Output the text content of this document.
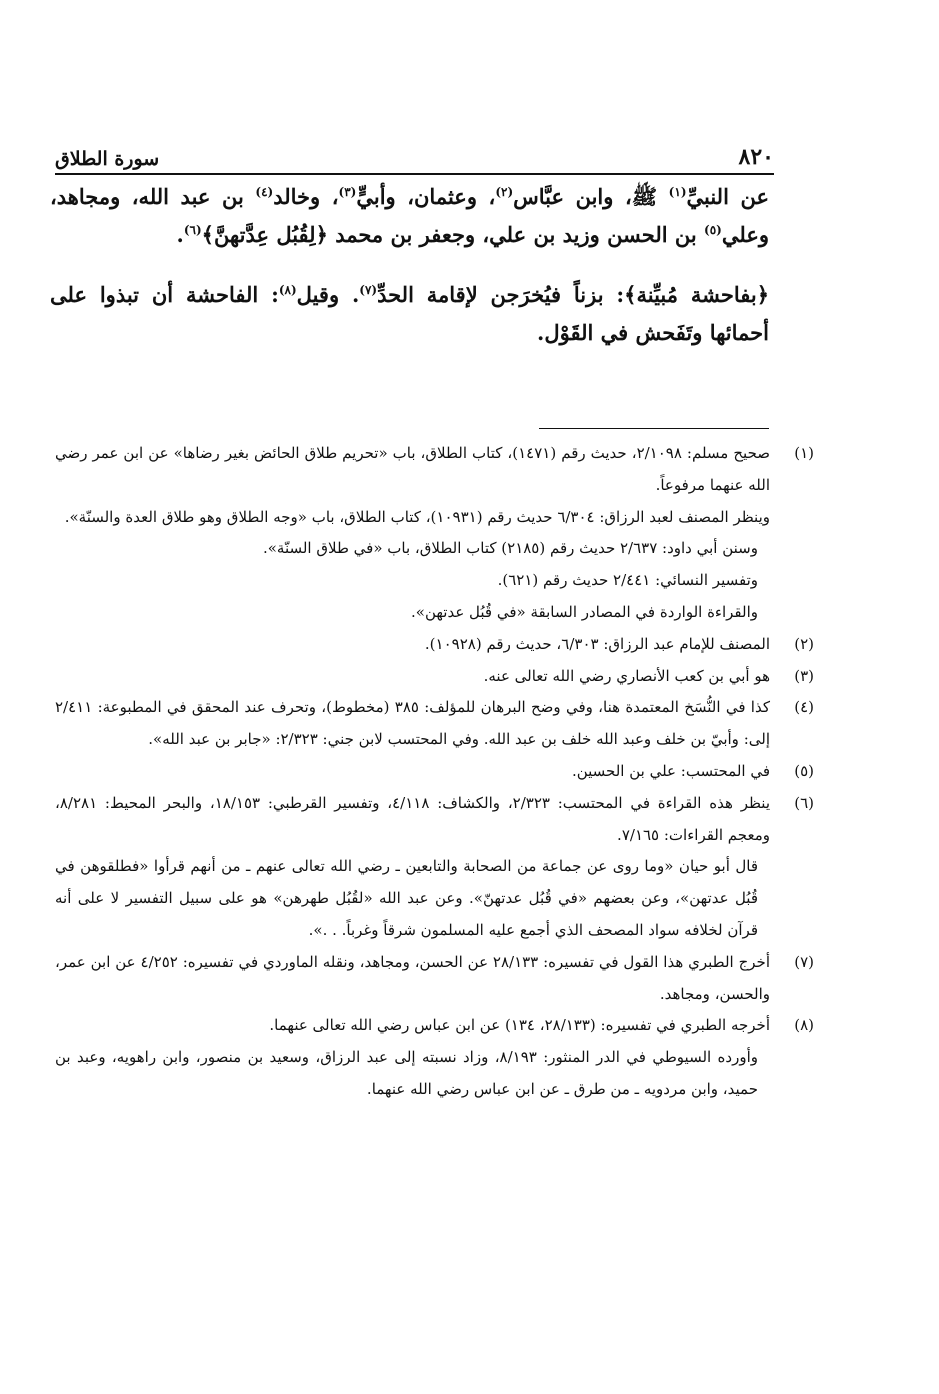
٨٢٠
سورة الطلاق

عن النبيِّ$^{(١)}$ ﷺ، وابن عبَّاس$^{(٢)}$، وعثمان، وأبيٍّ$^{(٣)}$، وخالد$^{(٤)}$ بن عبد الله، ومجاهد، وعلي$^{(٥)}$ بن الحسن وزيد بن علي، وجعفر بن محمد ﴿لِقُبُل عِدَّتهنَّ﴾$^{(٦)}$.

﴿بفاحشة مُبيِّنة﴾: بزناً فيُخرَجن لإقامة الحدِّ$^{(٧)}$. وقيل$^{(٨)}$: الفاحشة أن تبذوا على أحمائها وتَفَحش في القَوْل.

(١)
صحيح مسلم: ٢/١٠٩٨، حديث رقم (١٤٧١)، كتاب الطلاق، باب «تحريم طلاق الحائض بغير رضاها» عن ابن عمر رضي الله عنهما مرفوعاً.
وينظر المصنف لعبد الرزاق: ٦/٣٠٤ حديث رقم (١٠٩٣١)، كتاب الطلاق، باب «وجه الطلاق وهو طلاق العدة والسنّة».
وسنن أبي داود: ٢/٦٣٧ حديث رقم (٢١٨٥) كتاب الطلاق، باب «في طلاق السنّة».
وتفسير النسائي: ٢/٤٤١ حديث رقم (٦٢١).
والقراءة الواردة في المصادر السابقة «في قُبُل عدتهن».
(٢)
المصنف للإمام عبد الرزاق: ٦/٣٠٣، حديث رقم (١٠٩٢٨).
(٣)
هو أبي بن كعب الأنصاري رضي الله تعالى عنه.
(٤)
كذا في النُّسَخ المعتمدة هنا، وفي وضح البرهان للمؤلف: ٣٨٥ (مخطوط)، وتحرف عند المحقق في المطبوعة: ٢/٤١١ إلى: وأبيّ بن خلف وعبد الله خلف بن عبد الله. وفي المحتسب لابن جني: ٢/٣٢٣: «جابر بن عبد الله».
(٥)
في المحتسب: علي بن الحسين.
(٦)
ينظر هذه القراءة في المحتسب: ٢/٣٢٣، والكشاف: ٤/١١٨، وتفسير القرطبي: ١٨/١٥٣، والبحر المحيط: ٨/٢٨١، ومعجم القراءات: ٧/١٦٥.
قال أبو حيان «وما روى عن جماعة من الصحابة والتابعين ـ رضي الله تعالى عنهم ـ من أنهم قرأوا «فطلقوهن في قُبُل عدتهن»، وعن بعضهم «في قُبُل عدتهنّ». وعن عبد الله «لقُبُل طهرهن» هو على سبيل التفسير لا على أنه قرآن لخلافه سواد المصحف الذي أجمع عليه المسلمون شرقاً وغرباً. . .».
(٧)
أخرج الطبري هذا القول في تفسيره: ٢٨/١٣٣ عن الحسن، ومجاهد، ونقله الماوردي في تفسيره: ٤/٢٥٢ عن ابن عمر، والحسن، ومجاهد.
(٨)
أخرجه الطبري في تفسيره: (٢٨/١٣٣، ١٣٤) عن ابن عباس رضي الله تعالى عنهما.
وأورده السيوطي في الدر المنثور: ٨/١٩٣، وزاد نسبته إلى عبد الرزاق، وسعيد بن منصور، وابن راهويه، وعبد بن حميد، وابن مردويه ـ من طرق ـ عن ابن عباس رضي الله عنهما.
